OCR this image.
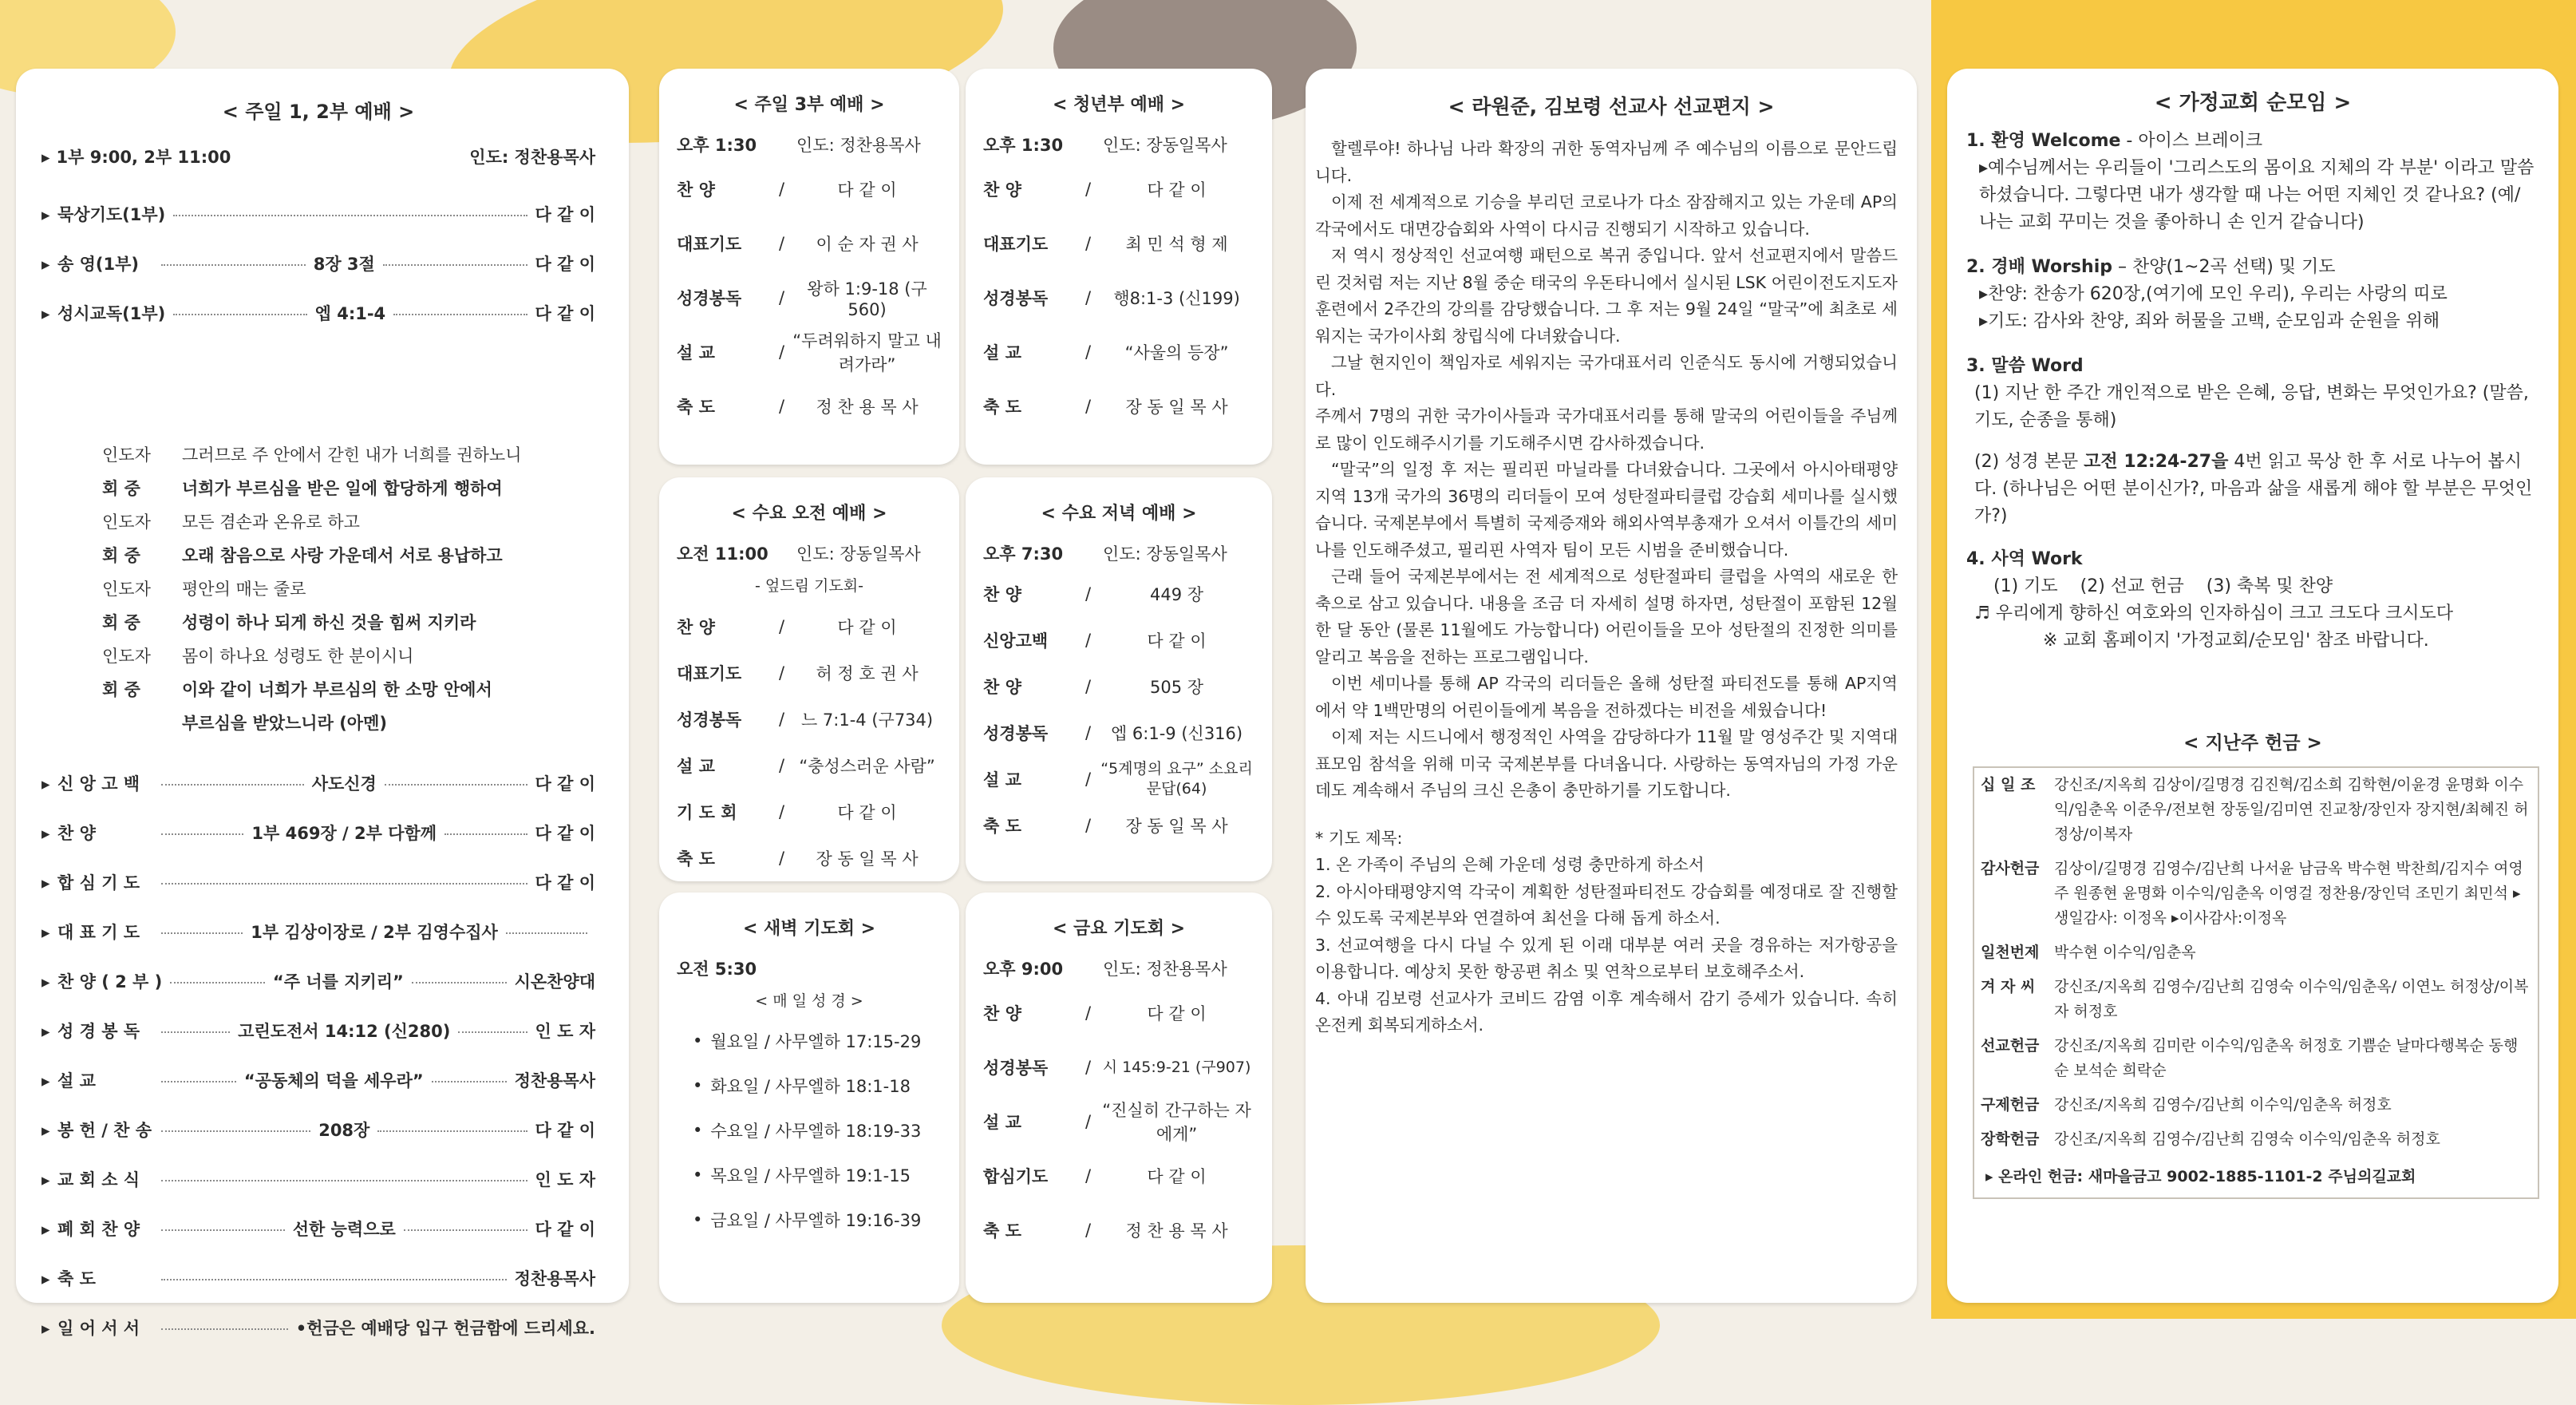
< 주일 1, 2부 예배 >
▸ 1부 9:00, 2부 11:00	인도: 정찬용목사
▸ 묵상기도(1부)	다 같 이
▸ 송 영(1부)	8장 3절	다 같 이
▸ 성시교독(1부)	엡 4:1-4	다 같 이
인도자	그러므로 주 안에서 갇힌 내가 너희를 권하노니
회 중	너희가 부르심을 받은 일에 합당하게 행하여
인도자	모든 겸손과 온유로 하고
회 중	오래 참음으로 사랑 가운데서 서로 용납하고
인도자	평안의 매는 줄로
회 중	성령이 하나 되게 하신 것을 힘써 지키라
인도자	몸이 하나요 성령도 한 분이시니
회 중	이와 같이 너희가 부르심의 한 소망 안에서
부르심을 받았느니라 (아멘)
▸ 신 앙 고 백	사도신경	다 같 이
▸ 찬 양	1부 469장 / 2부 다함께	다 같 이
▸ 합 심 기 도	다 같 이
▸ 대 표 기 도	1부 김상이장로 / 2부 김영수집사
▸ 찬 양 ( 2 부 )	“주 너를 지키리”	시온찬양대
▸ 성 경 봉 독	고린도전서 14:12 (신280)	인 도 자
▸ 설 교	“공동체의 덕을 세우라”	정찬용목사
▸ 봉 헌 / 찬 송	208장	다 같 이
▸ 교 회 소 식	인 도 자
▸ 폐 회 찬 양	선한 능력으로	다 같 이
▸ 축 도	정찬용목사
▸ 일 어 서 서	•헌금은 예배당 입구 헌금함에 드리세요.
< 주일 3부 예배 >
오후 1:30	인도: 정찬용목사
찬 양	/	다 같 이
대표기도	/	이 순 자 권 사
성경봉독	/	왕하 1:9-18 (구560)
설 교	/
“두려워하지 말고 내려가라”
축 도	/	정 찬 용 목 사
< 청년부 예배 >
오후 1:30	인도: 장동일목사
찬 양	/	다 같 이
대표기도	/	최 민 석 형 제
성경봉독	/	행8:1-3 (신199)
설 교	/	“사울의 등장”
축 도	/	장 동 일 목 사
< 수요 오전 예배 >
오전 11:00	인도: 장동일목사
- 엎드림 기도회-
찬 양	/	다 같 이
대표기도	/	허 정 호 권 사
성경봉독	/ 느 7:1-4 (구734)
설 교	/ “충성스러운 사람”
기 도 회	/	다 같 이
축 도	/	장 동 일 목 사
< 수요 저녁 예배 >
오후 7:30	인도: 장동일목사
찬 양	/	449 장
신앙고백	/	다 같 이
찬 양	/	505 장
성경봉독	/	엡 6:1-9 (신316)
설 교	/
“5계명의 요구” 소요리문답(64)
축 도	/	장 동 일 목 사
< 새벽 기도회 >
오전 5:30
< 매 일 성 경 >
• 월요일 / 사무엘하 17:15-29
• 화요일 / 사무엘하 18:1-18
• 수요일 / 사무엘하 18:19-33
• 목요일 / 사무엘하 19:1-15
• 금요일 / 사무엘하 19:16-39
< 금요 기도회 >
오후 9:00	인도: 정찬용목사
찬 양	/	다 같 이
성경봉독	/ 시 145:9-21 (구907)
설 교	/
“진실히 간구하는 자에게”
합심기도	/	다 같 이
축 도	/	정 찬 용 목 사
< 라원준, 김보령 선교사 선교편지 >

할렐루야! 하나님 나라 확장의 귀한 동역자님께 주 예수님의 이름으로 문안드립니다.

이제 전 세계적으로 기승을 부리던 코로나가 다소 잠잠해지고 있는 가운데 AP의 각국에서도 대면강습회와 사역이 다시금 진행되기 시작하고 있습니다.

저 역시 정상적인 선교여행 패턴으로 복귀 중입니다. 앞서 선교편지에서 말씀드린 것처럼 저는 지난 8월 중순 태국의 우돈타니에서 실시된 LSK 어린이전도지도자훈련에서 2주간의 강의를 감당했습니다. 그 후 저는 9월 24일 “말국”에 최초로 세워지는 국가이사회 창립식에 다녀왔습니다.

그날 현지인이 책임자로 세워지는 국가대표서리 인준식도 동시에 거행되었습니다.

주께서 7명의 귀한 국가이사들과 국가대표서리를 통해 말국의 어린이들을 주님께로 많이 인도해주시기를 기도해주시면 감사하겠습니다.

“말국”의 일정 후 저는 필리핀 마닐라를 다녀왔습니다. 그곳에서 아시아태평양지역 13개 국가의 36명의 리더들이 모여 성탄절파티클럽 강습회 세미나를 실시했습니다. 국제본부에서 특별히 국제증재와 해외사역부총재가 오셔서 이틀간의 세미나를 인도해주셨고, 필리핀 사역자 팀이 모든 시범을 준비했습니다.

근래 들어 국제본부에서는 전 세계적으로 성탄절파티 클럽을 사역의 새로운 한 축으로 삼고 있습니다. 내용을 조금 더 자세히 설명 하자면, 성탄절이 포함된 12월 한 달 동안 (물론 11월에도 가능합니다) 어린이들을 모아 성탄절의 진정한 의미를 알리고 복음을 전하는 프로그램입니다.

이번 세미나를 통해 AP 각국의 리더들은 올해 성탄절 파티전도를 통해 AP지역에서 약 1백만명의 어린이들에게 복음을 전하겠다는 비전을 세웠습니다!

이제 저는 시드니에서 행정적인 사역을 감당하다가 11월 말 영성주간 및 지역대표모임 참석을 위해 미국 국제본부를 다녀옵니다. 사랑하는 동역자님의 가정 가운데도 계속해서 주님의 크신 은총이 충만하기를 기도합니다.

* 기도 제목:
1. 온 가족이 주님의 은혜 가운데 성령 충만하게 하소서
2. 아시아태평양지역 각국이 계획한 성탄절파티전도 강습회를 예정대로 잘 진행할 수 있도록 국제본부와 연결하여 최선을 다해 돕게 하소서.
3. 선교여행을 다시 다닐 수 있게 된 이래 대부분 여러 곳을 경유하는 저가항공을 이용합니다. 예상치 못한 항공편 취소 및 연착으로부터 보호해주소서.
4. 아내 김보령 선교사가 코비드 감염 이후 계속해서 감기 증세가 있습니다. 속히 온전케 회복되게하소서.
< 가정교회 순모임 >
1. 환영 Welcome - 아이스 브레이크
▸예수님께서는 우리들이 '그리스도의 몸이요 지체의 각 부분' 이라고 말씀하셨습니다. 그렇다면 내가 생각할 때 나는 어떤 지체인 것 같나요? (예/ 나는 교회 꾸미는 것을 좋아하니 손 인거 같습니다)
2. 경배 Worship – 찬양(1~2곡 선택) 및 기도
▸찬양: 찬송가 620장,(여기에 모인 우리), 우리는 사랑의 띠로
▸기도: 감사와 찬양, 죄와 허물을 고백, 순모임과 순원을 위해
3. 말씀 Word
(1) 지난 한 주간 개인적으로 받은 은혜, 응답, 변화는 무엇인가요? (말씀, 기도, 순종을 통해)
(2) 성경 본문 고전 12:24-27을 4번 읽고 묵상 한 후 서로 나누어 봅시다. (하나님은 어떤 분이신가?, 마음과 삶을 새롭게 해야 할 부분은 무엇인가?)
4. 사역 Work
(1) 기도    (2) 선교 헌금    (3) 축복 및 찬양
♬ 우리에게 향하신 여호와의 인자하심이 크고 크도다 크시도다
※ 교회 홈페이지 '가정교회/순모임' 참조 바랍니다.
< 지난주 헌금 >
십 일 조	강신조/지옥희 김상이/길명경 김진혁/김소희 김학현/이윤경 윤명화 이수익/임춘옥 이준우/전보현 장동일/김미연 진교창/장인자 장지현/최혜진 허정상/이복자
감사헌금 김상이/길명경 김영수/김난희 나서윤 남금옥 박수현 박찬희/김지수 여영주 원종현 윤명화 이수익/임춘옥 이영걸 정찬용/장인덕 조민기 최민석 ▸생일감사: 이정옥 ▸이사감사:이정옥
일천번제 박수현 이수익/임춘옥
겨 자 씨	강신조/지옥희 김영수/김난희 김영숙 이수익/임춘옥/ 이연노 허정상/이복자 허정호
선교헌금 강신조/지옥희 김미란 이수익/임춘옥 허정호 기쁨순 날마다행복순 동행순 보석순 희락순
구제헌금 강신조/지옥희 김영수/김난희 이수익/임춘옥 허정호
장학헌금 강신조/지옥희 김영수/김난희 김영숙 이수익/임춘옥 허정호
▸ 온라인 헌금: 새마을금고 9002-1885-1101-2 주님의길교회
